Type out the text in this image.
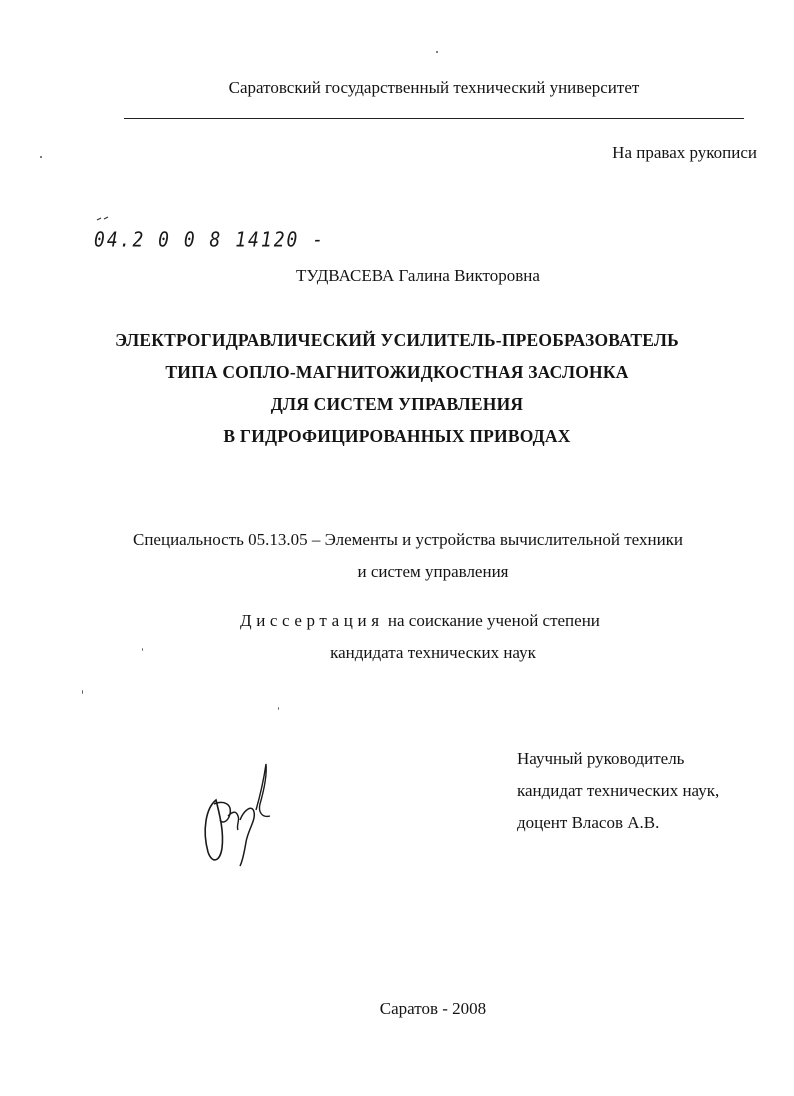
Саратовский государственный технический университет
На правах рукописи
04.2 0 0 8 14120 -
ТУДВАСЕВА Галина Викторовна
ЭЛЕКТРОГИДРАВЛИЧЕСКИЙ УСИЛИТЕЛЬ-ПРЕОБРАЗОВАТЕЛЬ
ТИПА СОПЛО-МАГНИТОЖИДКОСТНАЯ ЗАСЛОНКА
ДЛЯ СИСТЕМ УПРАВЛЕНИЯ
В ГИДРОФИЦИРОВАННЫХ ПРИВОДАХ
Специальность 05.13.05 – Элементы и устройства вычислительной техники
и систем управления
Диссертация на соискание ученой степени
кандидата технических наук
Научный руководитель
кандидат технических наук,
доцент Власов А.В.
Саратов - 2008
